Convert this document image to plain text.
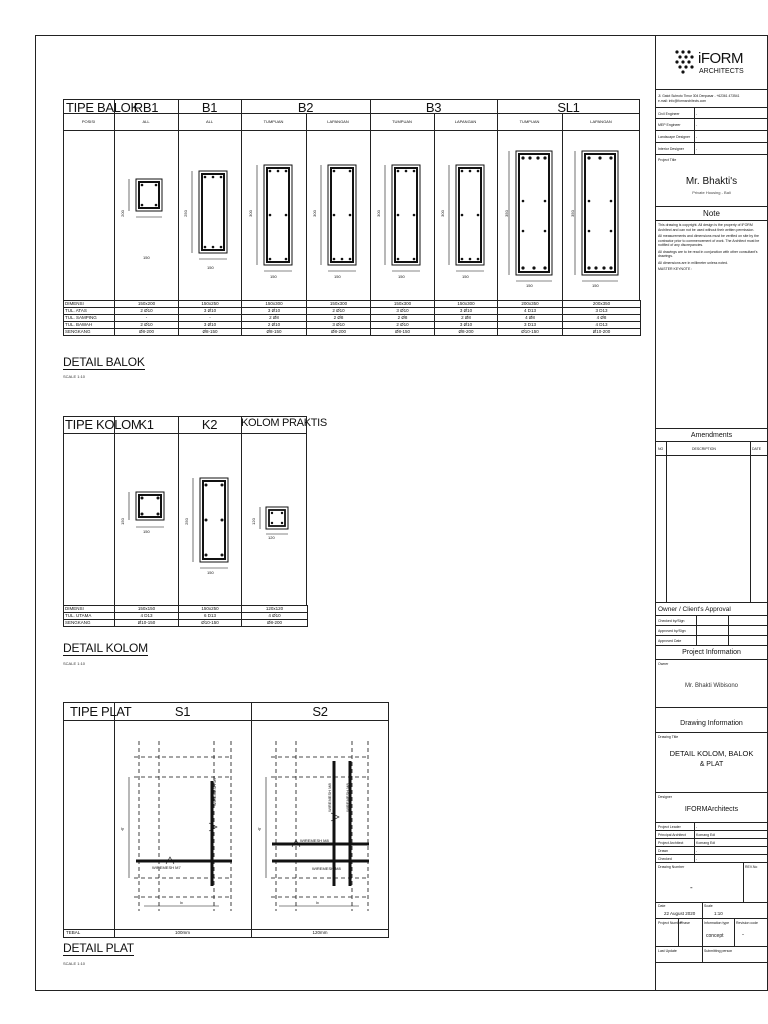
TIPE BALOK
RB1	B1	B2	B3	SL1
POSISI	ALL	ALL	TUMPUAN	LAPANGAN	TUMPUAN	LAPANGAN	TUMPUAN	LAPANGAN
150
150
150	150	150	150
150	150
200	250	300	300	300	300	350	350
DIMENSI	150x200	150x250	150x300	150x300	150x300	150x300	200x350	200x350
TUL. ATAS	2 Ø10	3 Ø10	3 Ø10	2 Ø10	3 Ø10	3 Ø10	4 D13	3 D13
TUL. SAMPING	-	-	2 Ø8	2 Ø8	2 Ø8	2 Ø8	4 Ø8	4 Ø8
TUL. BAWAH	2 Ø10	3 Ø10	2 Ø10	3 Ø10	2 Ø10	3 Ø10	3 D13	4 D13
SENGKANG	Ø8-200	Ø8-150	Ø8-150	Ø8-200	Ø8-150	Ø8-200	Ø10-150	Ø10-200
DETAIL BALOK
SCALE 1:10
TIPE KOLOM
K1	K2	KOLOM PRAKTIS
150
150
120
150	250	120
DIMENSI	150x150	150x250	120x120
TUL. UTAMA	4 D13	6 D13	4 Ø10
SENGKANG	Ø10-150	Ø10-150	Ø8-200
DETAIL KOLOM
SCALE 1:10
TIPE PLAT	S1	S2
WIREMESH M7
WIREMESH M7
WIREMESH M8
WIREMESH M8
WIREMESH M8	WIREMESH M8
lx	lx
ly	ly
TEBAL	100mm	120mm
DETAIL PLAT
SCALE 1:10
iFORM
ARCHITECTS
Jl. Gatot Subroto Timur 304 Denpasar - +62361 473541
e-mail: info@iformarchitects.com
Civil Engineer	-
MEP Engineer	-
Landscape Designer -
Interior Designer	-
Project Title
Mr. Bhakti's
Private Housing - Bali
Note

This drawing is copyright. All design is the property of IFORM Architect and can not be used without their written permission.

All measurements and dimensions must be verified on site by the contractor prior to commencement of work. The Architect must be notified of any discrepancies.

All drawings are to be read in conjunction with other consultant's drawings.

All dimensions are in millimeter unless noted.

MASTER KEYNOTE :

Amendments
NO	DESCRIPTION	DATE
Owner / Client's Approval
Checked by/Sign
Approved by/Sign
Approved Date
Project Information
Owner
Mr. Bhakti Wibisono
Drawing Information
Drawing Title
DETAIL KOLOM, BALOK
& PLAT
Designer
IFORMArchitects
Project Leader	-
Principal Architect	Komang Edi
Project Architect	Komang Edi
Drawn	-
Checked	-
Drawing Number	REV.No
-
Date
22 August 2020
Scale
1:10
Project Number
Phase	Information type Revision code
concept	-
Last Update	Submitting person
